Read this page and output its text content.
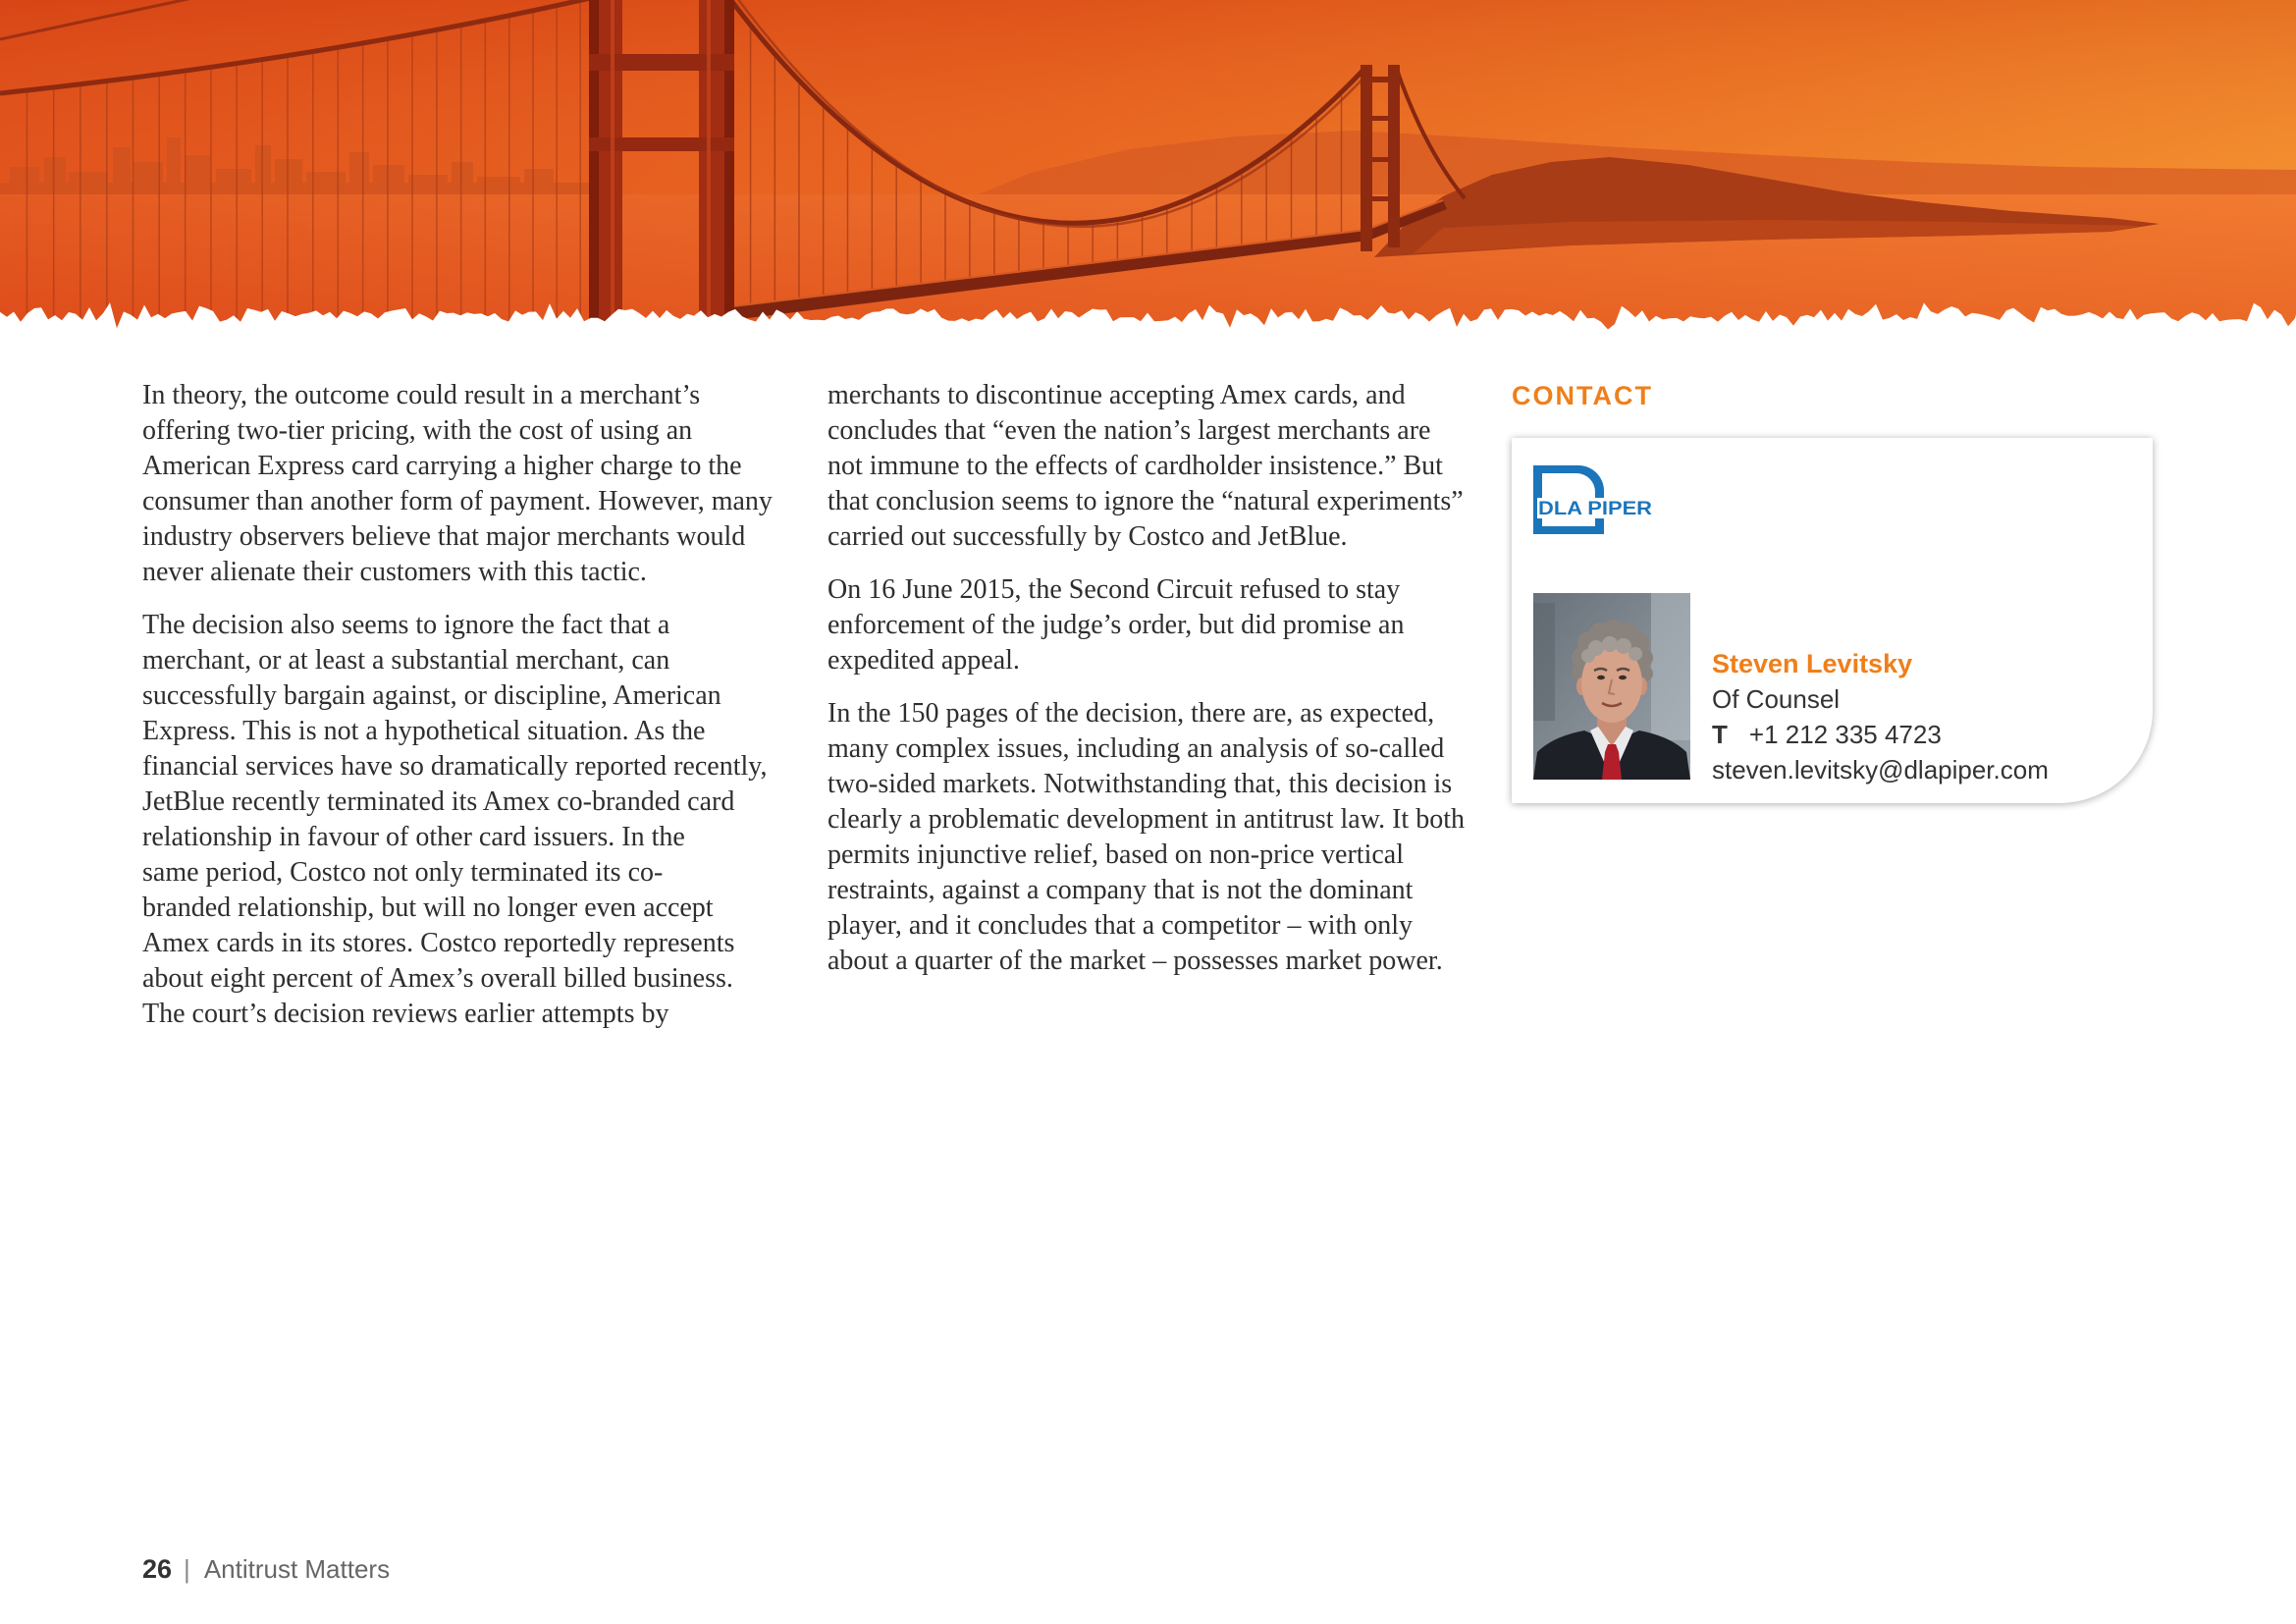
In theory, the outcome could result in a merchant’s
offering two-tier pricing, with the cost of using an
American Express card carrying a higher charge to the
consumer than another form of payment. However, many
industry observers believe that major merchants would
never alienate their customers with this tactic.

The decision also seems to ignore the fact that a
merchant, or at least a substantial merchant, can
successfully bargain against, or discipline, American
Express. This is not a hypothetical situation. As the
financial services have so dramatically reported recently,
JetBlue recently terminated its Amex co-branded card
relationship in favour of other card issuers. In the
same period, Costco not only terminated its co-
branded relationship, but will no longer even accept
Amex cards in its stores. Costco reportedly represents
about eight percent of Amex’s overall billed business.
The court’s decision reviews earlier attempts by

merchants to discontinue accepting Amex cards, and
concludes that “even the nation’s largest merchants are
not immune to the effects of cardholder insistence.” But
that conclusion seems to ignore the “natural experiments”
carried out successfully by Costco and JetBlue.

On 16 June 2015, the Second Circuit refused to stay
enforcement of the judge’s order, but did promise an
expedited appeal.

In the 150 pages of the decision, there are, as expected,
many complex issues, including an analysis of so-called
two-sided markets. Notwithstanding that, this decision is
clearly a problematic development in antitrust law. It both
permits injunctive relief, based on non-price vertical
restraints, against a company that is not the dominant
player, and it concludes that a competitor – with only
about a quarter of the market – possesses market power.

CONTACT
DLA PIPER
Steven Levitsky
Of Counsel
T +1 212 335 4723
steven.levitsky@dlapiper.com
26 | Antitrust Matters
